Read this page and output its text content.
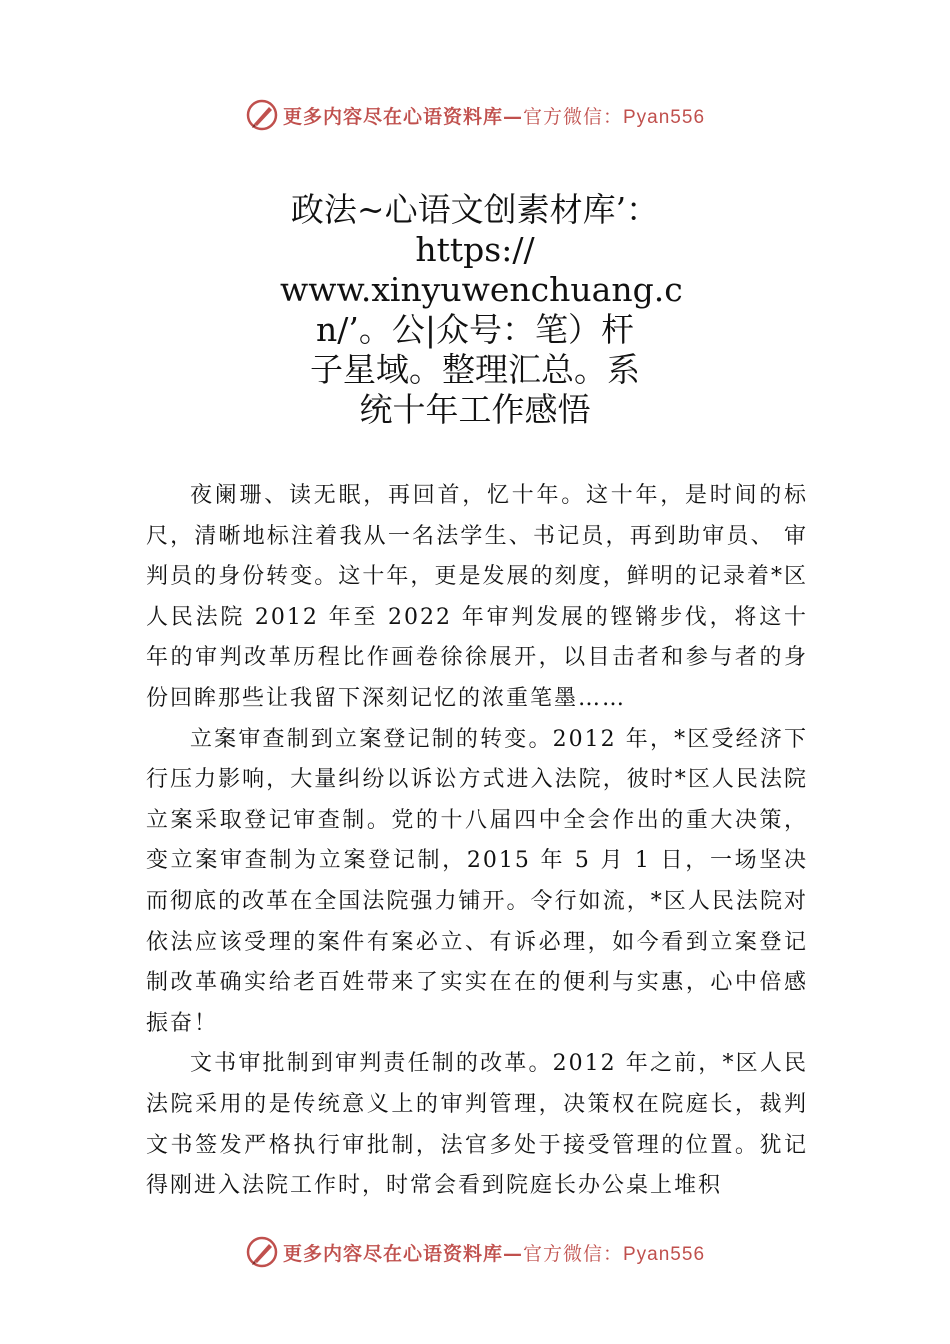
更多内容尽在心语资料库—官方微信：Pyan556
政法~心语文创素材库’：
https://
www.xinyuwenchuang.c
n/’。公|众号：笔）杆
子星域。整理汇总。系
统十年工作感悟

夜阑珊、读无眠，再回首，忆十年。这十年，是时间的标尺，清晰地标注着我从一名法学生、书记员，再到助审员、 审判员的身份转变。这十年，更是发展的刻度，鲜明的记录着*区人民法院 2012 年至 2022 年审判发展的铿锵步伐，将这十年的审判改革历程比作画卷徐徐展开，以目击者和参与者的身份回眸那些让我留下深刻记忆的浓重笔墨……

立案审查制到立案登记制的转变。2012 年，*区受经济下行压力影响，大量纠纷以诉讼方式进入法院，彼时*区人民法院立案采取登记审查制。党的十八届四中全会作出的重大决策，变立案审查制为立案登记制，2015 年 5 月 1 日，一场坚决而彻底的改革在全国法院强力铺开。令行如流，*区人民法院对依法应该受理的案件有案必立、有诉必理，如今看到立案登记制改革确实给老百姓带来了实实在在的便利与实惠，心中倍感振奋！

文书审批制到审判责任制的改革。2012 年之前，*区人民法院采用的是传统意义上的审判管理，决策权在院庭长，裁判文书签发严格执行审批制，法官多处于接受管理的位置。犹记得刚进入法院工作时，时常会看到院庭长办公桌上堆积

更多内容尽在心语资料库—官方微信：Pyan556
